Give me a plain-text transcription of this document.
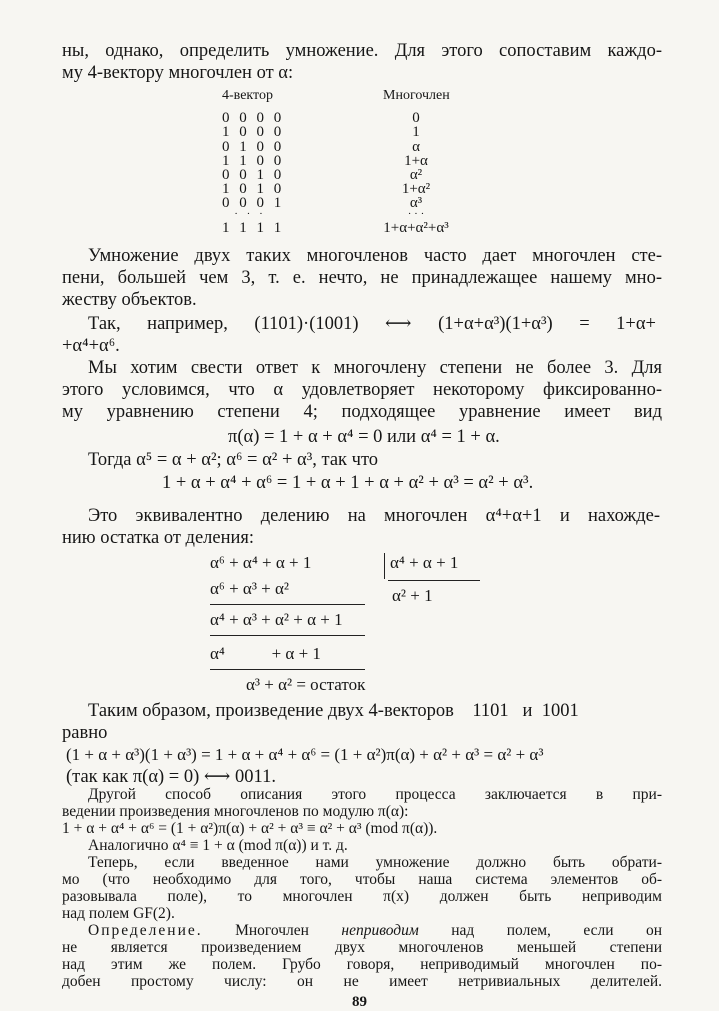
ны, однако, определить умножение. Для этого сопоставим каждо-
му 4-вектору многочлен от α:
4-вектор	Многочлен
0 0 0 0	0
1 0 0 0	1
0 1 0 0	α
1 1 0 0	1+α
0 0 1 0	α²
1 0 1 0	1+α²
0 0 0 1	α³
· · ·	· · ·
1 1 1 1	1+α+α²+α³
Умножение двух таких многочленов часто дает многочлен сте-
пени, большей чем 3, т. е. нечто, не принадлежащее нашему мно-
жеству объектов.
Так, например, (1101)·(1001) ⟷ (1+α+α³)(1+α³) = 1+α+
+α⁴+α⁶.
Мы хотим свести ответ к многочлену степени не более 3. Для
этого условимся, что α удовлетворяет некоторому фиксированно-
му уравнению степени 4; подходящее уравнение имеет вид
π(α) = 1 + α + α⁴ = 0 или α⁴ = 1 + α.
Тогда α⁵ = α + α²; α⁶ = α² + α³, так что
1 + α + α⁴ + α⁶ = 1 + α + 1 + α + α² + α³ = α² + α³.
Это эквивалентно делению на многочлен α⁴+α+1 и нахожде-
нию остатка от деления:
α⁶ + α⁴ + α + 1	α⁴ + α + 1
α² + 1
α⁶ + α³ + α²
α⁴ + α³ + α² + α + 1
α⁴           + α + 1
α³ + α² = остаток
Таким образом, произведение двух 4-векторов    1101   и  1001
равно
(1 + α + α³)(1 + α³) = 1 + α + α⁴ + α⁶ = (1 + α²)π(α) + α² + α³ = α² + α³
(так как π(α) = 0) ⟷ 0011.
Другой способ описания этого процесса заключается в при-
ведении произведения многочленов по модулю π(α):
1 + α + α⁴ + α⁶ = (1 + α²)π(α) + α² + α³ ≡ α² + α³ (mod π(α)).
Аналогично α⁴ ≡ 1 + α (mod π(α)) и т. д.
Теперь, если введенное нами умножение должно быть обрати-
мо (что необходимо для того, чтобы наша система элементов об-
разовывала поле), то многочлен π(x) должен быть неприводим
над полем GF(2).
Определение. Многочлен неприводим над полем, если он
не является произведением двух многочленов меньшей степени
над этим же полем. Грубо говоря, неприводимый многочлен по-
добен простому числу: он не имеет нетривиальных делителей.
89
